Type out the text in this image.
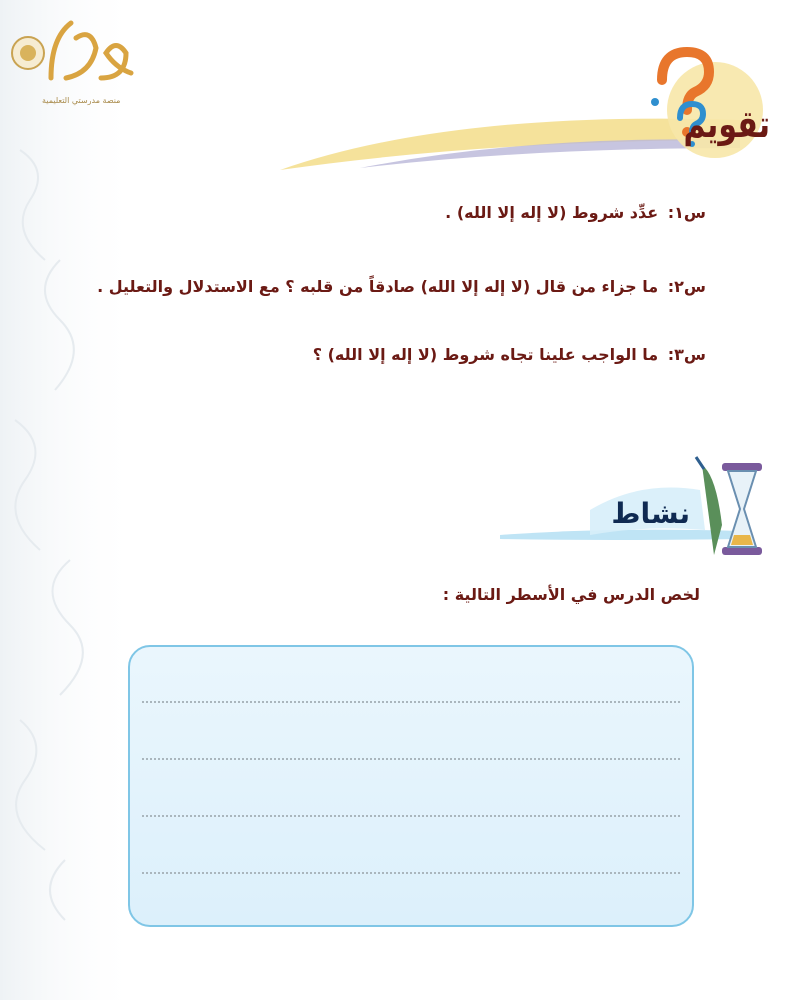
منصة مدرستي التعليمية
تقويم
س١: عدِّد شروط (لا إله إلا الله) .
س٢: ما جزاء من قال (لا إله إلا الله) صادقاً من قلبه ؟ مع الاستدلال والتعليل .
س٣: ما الواجب علينا تجاه شروط (لا إله إلا الله) ؟
نشاط
لخص الدرس في الأسطر التالية :
